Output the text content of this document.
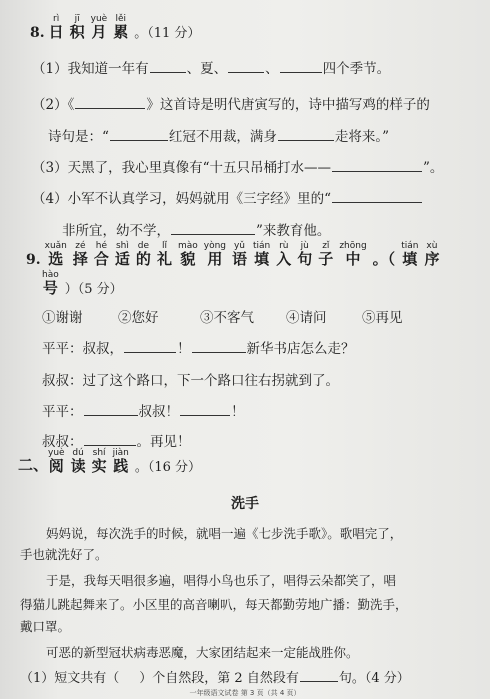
8.
rì
日
jī
积
yuè
月
lěi
累 。（11 分）
（1）我知道一年有	、夏、	、	四个季节。
（2）《	》这首诗是明代唐寅写的，诗中描写鸡的样子的
诗句是：“	红冠不用裁，满身	走将来。”
（3）天黑了，我心里真像有“十五只吊桶打水——	”。
（4）小军不认真学习，妈妈就用《三字经》里的“
非所宜，幼不学，	”来教育他。
9.
xuǎn
选
zé
择
hé
合
shì
适
de
的
lǐ
礼
mào
貌
yòng
用
yǔ
语
tián
填
rù
入
jù
句
zǐ
子
zhōng
中 。（
tián
填
xù
序
hào
号 ）（5 分）
①谢谢	②您好	③不客气 ④请问	⑤再见
平平：叔叔，	！	新华书店怎么走？
叔叔：过了这个路口，下一个路口往右拐就到了。
平平：	叔叔！	！
叔叔：	。再见！
二、
yuè
阅
dú
读
shí
实
jiàn
践 。（16 分）
洗手
妈妈说，每次洗手的时候，就唱一遍《七步洗手歌》。歌唱完了，
手也就洗好了。
于是，我每天唱很多遍，唱得小鸟也乐了，唱得云朵都笑了，唱
得猫儿跳起舞来了。小区里的高音喇叭，每天都勤劳地广播：勤洗手，
戴口罩。
可恶的新型冠状病毒恶魔，大家团结起来一定能战胜你。
（1）短文共有（ ）个自然段，第 2 自然段有	句。（4 分）
一年级语文试卷 第 3 页（共 4 页）
